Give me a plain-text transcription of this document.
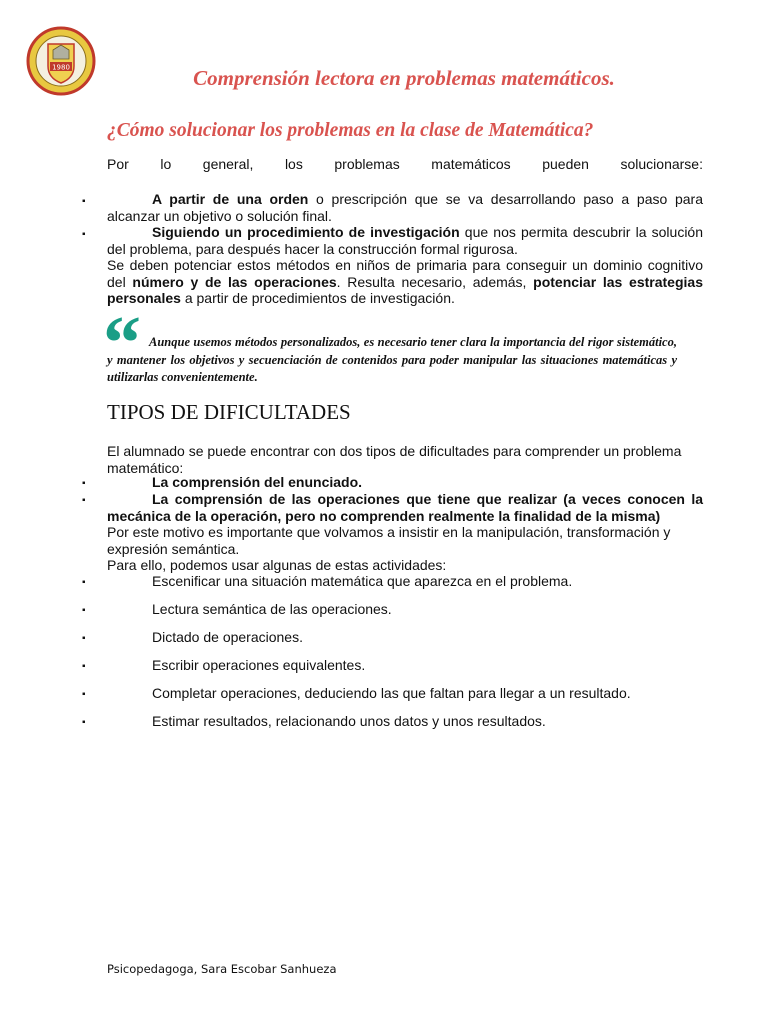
1980	Comprensión lectora en problemas matemáticos.
¿Cómo solucionar los problemas en la clase de Matemática?

Por lo general, los problemas matemáticos pueden solucionarse:

▪	A partir de una orden o prescripción que se va desarrollando paso a paso para alcanzar un objetivo o solución final.

▪	Siguiendo un procedimiento de investigación que nos permita descubrir la solución del problema, para después hacer la construcción formal rigurosa.

Se deben potenciar estos métodos en niños de primaria para conseguir un dominio cognitivo del número y de las operaciones. Resulta necesario, además, potenciar las estrategias personales a partir de procedimientos de investigación.

“ Aunque usemos métodos personalizados, es necesario tener clara la importancia del rigor sistemático, y mantener los objetivos y secuenciación de contenidos para poder manipular las situaciones matemáticas y utilizarlas convenientemente.

TIPOS DE DIFICULTADES

El alumnado se puede encontrar con dos tipos de dificultades para comprender un problema matemático:

▪	La comprensión del enunciado.

▪	La comprensión de las operaciones que tiene que realizar (a veces conocen la mecánica de la operación, pero no comprenden realmente la finalidad de la misma)

Por este motivo es importante que volvamos a insistir en la manipulación, transformación y expresión semántica.

Para ello, podemos usar algunas de estas actividades:

▪	Escenificar una situación matemática que aparezca en el problema.

▪	Lectura semántica de las operaciones.

▪	Dictado de operaciones.

▪	Escribir operaciones equivalentes.

▪	Completar operaciones, deduciendo las que faltan para llegar a un resultado.

▪	Estimar resultados, relacionando unos datos y unos resultados.

Psicopedagoga, Sara Escobar Sanhueza
